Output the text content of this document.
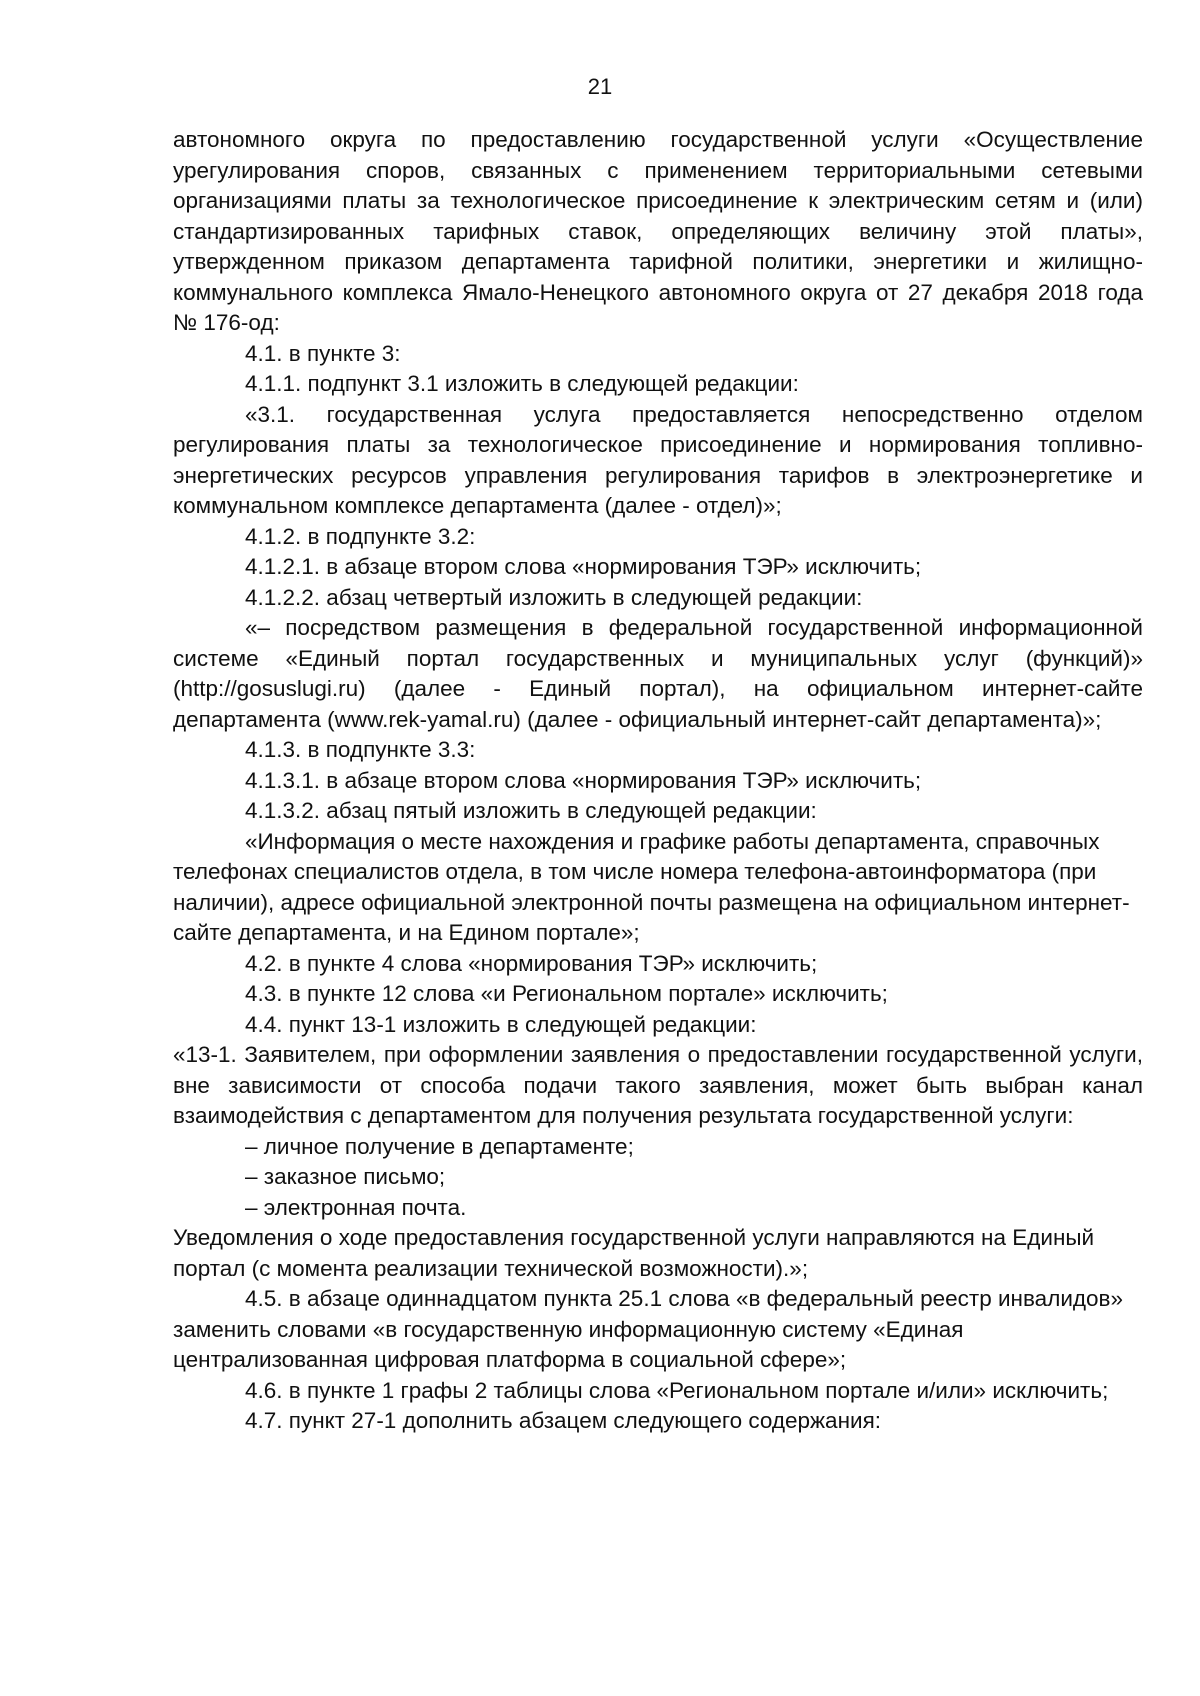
21

автономного округа по предоставлению государственной услуги «Осуществление урегулирования споров, связанных с применением территориальными сетевыми организациями платы за технологическое присоединение к электрическим сетям и (или) стандартизированных тарифных ставок, определяющих величину этой платы», утвержденном приказом департамента тарифной политики, энергетики и жилищно-коммунального комплекса Ямало-Ненецкого автономного округа от 27 декабря 2018 года № 176-од:

4.1. в пункте 3:

4.1.1. подпункт 3.1 изложить в следующей редакции:

«3.1. государственная услуга предоставляется непосредственно отделом регулирования платы за технологическое присоединение и нормирования топливно-энергетических ресурсов управления регулирования тарифов в электроэнергетике и коммунальном комплексе департамента (далее - отдел)»;

4.1.2. в подпункте 3.2:

4.1.2.1. в абзаце втором слова «нормирования ТЭР» исключить;

4.1.2.2. абзац четвертый изложить в следующей редакции:

«– посредством размещения в федеральной государственной информационной системе «Единый портал государственных и муниципальных услуг (функций)» (http://gosuslugi.ru) (далее - Единый портал), на официальном интернет-сайте департамента (www.rek-yamal.ru) (далее - официальный интернет-сайт департамента)»;

4.1.3. в подпункте 3.3:

4.1.3.1. в абзаце втором слова «нормирования ТЭР» исключить;

4.1.3.2. абзац пятый изложить в следующей редакции:

«Информация о месте нахождения и графике работы департамента, справочных телефонах специалистов отдела, в том числе номера телефона-автоинформатора (при наличии), адресе официальной электронной почты размещена на официальном интернет-сайте департамента, и на Едином портале»;

4.2. в пункте 4 слова «нормирования ТЭР» исключить;

4.3. в пункте 12 слова «и Региональном портале» исключить;

4.4. пункт 13-1 изложить в следующей редакции:

«13-1. Заявителем, при оформлении заявления о предоставлении государственной услуги, вне зависимости от способа подачи такого заявления, может быть выбран канал взаимодействия с департаментом для получения результата государственной услуги:

– личное получение в департаменте;

– заказное письмо;

– электронная почта.

Уведомления о ходе предоставления государственной услуги направляются на Единый портал (с момента реализации технической возможности).»;

4.5. в абзаце одиннадцатом пункта 25.1 слова «в федеральный реестр инвалидов» заменить словами «в государственную информационную систему «Единая централизованная цифровая платформа в социальной сфере»;

4.6. в пункте 1 графы 2 таблицы слова «Региональном портале и/или» исключить;

4.7. пункт 27-1 дополнить абзацем следующего содержания:
